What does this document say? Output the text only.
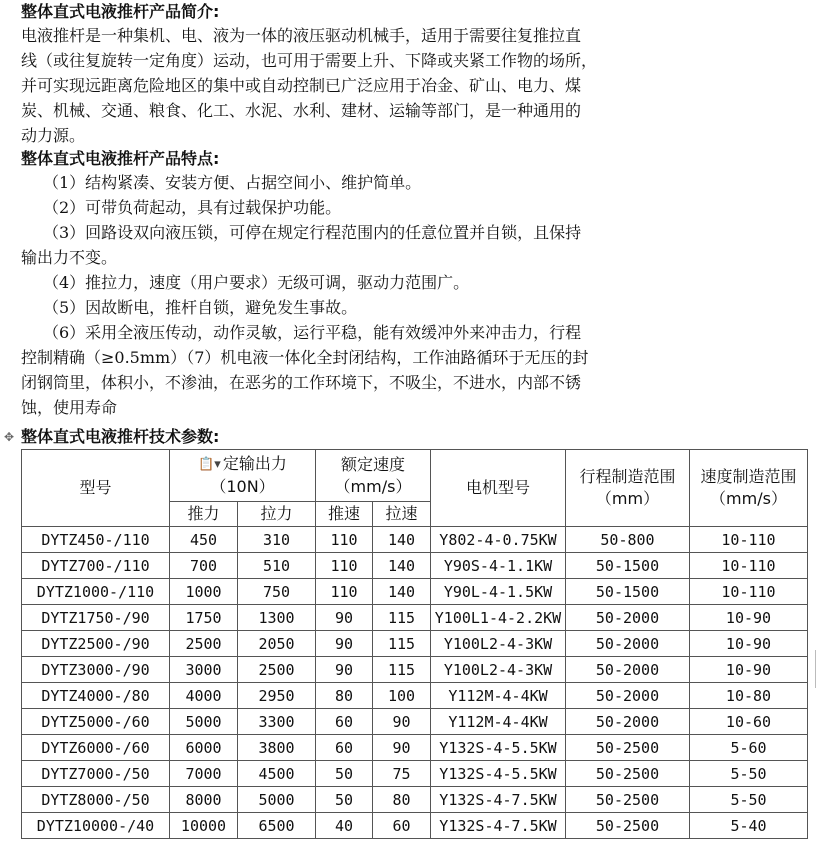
整体直式电液推杆产品简介:

电液推杆是一种集机、电、液为一体的液压驱动机械手，适用于需要往复推拉直
线（或往复旋转一定角度）运动，也可用于需要上升、下降或夹紧工作物的场所，
并可实现远距离危险地区的集中或自动控制已广泛应用于冶金、矿山、电力、煤
炭、机械、交通、粮食、化工、水泥、水利、建材、运输等部门，是一种通用的
动力源。

整体直式电液推杆产品特点:

（1）结构紧凑、安装方便、占据空间小、维护简单。

（2）可带负荷起动，具有过载保护功能。

（3）回路设双向液压锁，可停在规定行程范围内的任意位置并自锁，且保持
输出力不变。

（4）推拉力，速度（用户要求）无级可调，驱动力范围广。

（5）因故断电，推杆自锁，避免发生事故。

（6）采用全液压传动，动作灵敏，运行平稳，能有效缓冲外来冲击力，行程
控制精确（≥0.5mm）（7）机电液一体化全封闭结构，工作油路循环于无压的封
闭钢筒里，体积小，不渗油，在恶劣的工作环境下，不吸尘，不进水，内部不锈
蚀，使用寿命

✥ 整体直式电液推杆技术参数:
型号	📋▾ 定输出力
（10N）		额定速度
（mm/s）		电机型号	行程制造范围
（mm）	速度制造范围
（mm/s）
	推力	拉力	推速	拉速			
DYTZ450-/110	450	310	110	140	Y802-4-0.75KW	50-800	10-110
DYTZ700-/110	700	510	110	140	Y90S-4-1.1KW	50-1500	10-110
DYTZ1000-/110	1000	750	110	140	Y90L-4-1.5KW	50-1500	10-110
DYTZ1750-/90	1750	1300	90	115	Y100L1-4-2.2KW	50-2000	10-90
DYTZ2500-/90	2500	2050	90	115	Y100L2-4-3KW	50-2000	10-90
DYTZ3000-/90	3000	2500	90	115	Y100L2-4-3KW	50-2000	10-90
DYTZ4000-/80	4000	2950	80	100	Y112M-4-4KW	50-2000	10-80
DYTZ5000-/60	5000	3300	60	90	Y112M-4-4KW	50-2000	10-60
DYTZ6000-/60	6000	3800	60	90	Y132S-4-5.5KW	50-2500	5-60
DYTZ7000-/50	7000	4500	50	75	Y132S-4-5.5KW	50-2500	5-50
DYTZ8000-/50	8000	5000	50	80	Y132S-4-7.5KW	50-2500	5-50
DYTZ10000-/40	10000	6500	40	60	Y132S-4-7.5KW	50-2500	5-40
